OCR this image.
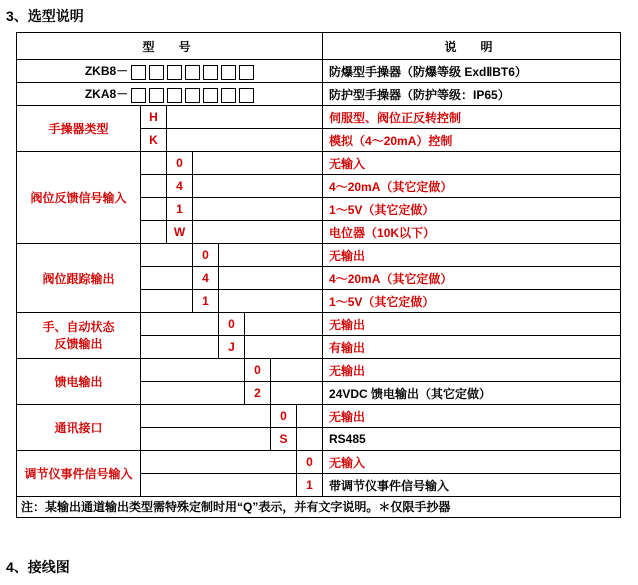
3、选型说明
型　号								说　明
ZKB8－								防爆型手操器（防爆等级 ExdⅡBT6）
ZKA8－								防护型手操器（防护等级：IP65）
手操器类型	H							伺服型、阀位正反转控制
	K							模拟（4～20mA）控制
阀位反馈信号输入		0						无输入
		4						4～20mA（其它定做）
		1						1～5V（其它定做）
		W						电位器（10K以下）
阀位跟踪输出			0					无输出
			4					4～20mA（其它定做）
			1					1～5V（其它定做）

手、自动状态
反馈输出				0				无输出
				J				有输出
馈电输出					0			无输出
					2			24VDC 馈电输出（其它定做）
通讯接口						0		无输出
						S		RS485
调节仪事件信号输入							0	无输入
							1	带调节仪事件信号输入
注：某输出通道输出类型需特殊定制时用“Q”表示，并有文字说明。＊仅限手抄器								
4、接线图
